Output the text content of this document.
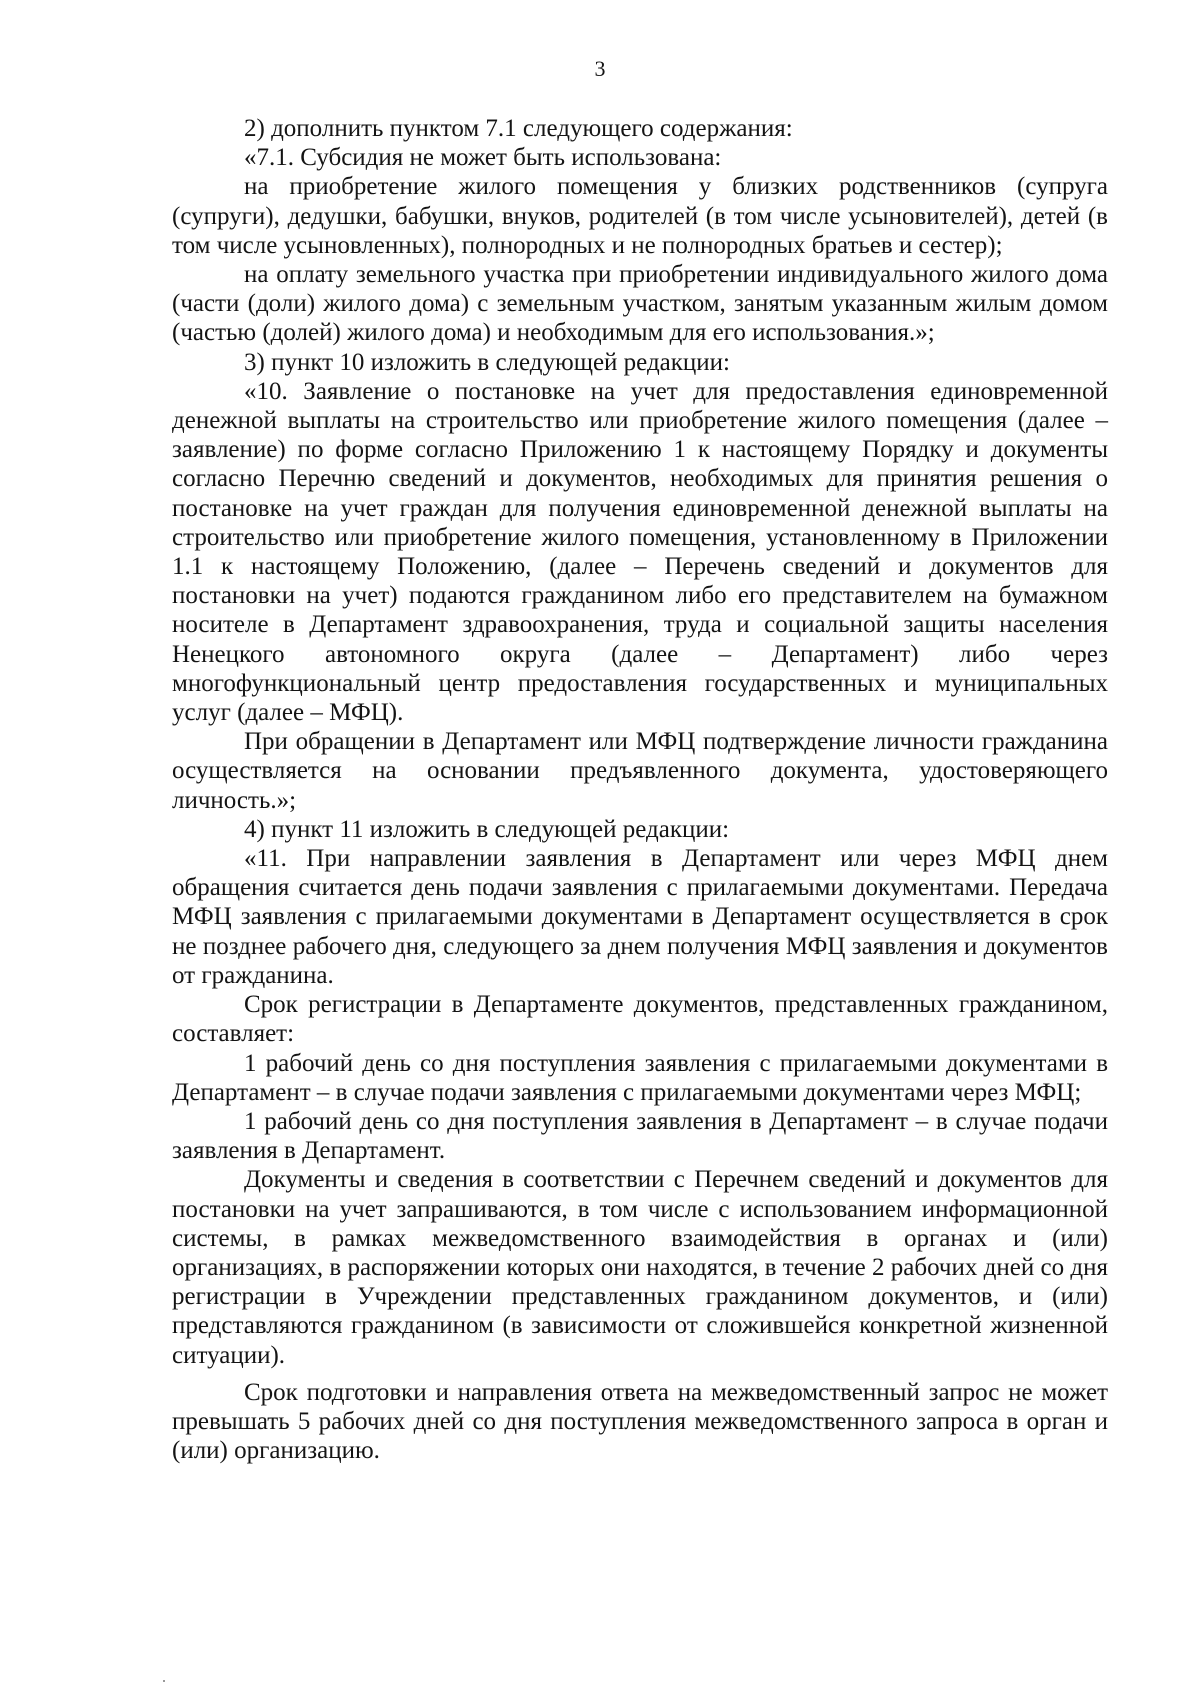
3

2) дополнить пунктом 7.1 следующего содержания:

«7.1. Субсидия не может быть использована:

на приобретение жилого помещения у близких родственников (супруга (супруги), дедушки, бабушки, внуков, родителей (в том числе усыновителей), детей (в том числе усыновленных), полнородных и не полнородных братьев и сестер);

на оплату земельного участка при приобретении индивидуального жилого дома (части (доли) жилого дома) с земельным участком, занятым указанным жилым домом (частью (долей) жилого дома) и необходимым для его использования.»;

3) пункт 10 изложить в следующей редакции:

«10. Заявление о постановке на учет для предоставления единовременной денежной выплаты на строительство или приобретение жилого помещения (далее – заявление) по форме согласно Приложению 1 к настоящему Порядку и документы согласно Перечню сведений и документов, необходимых для принятия решения о постановке на учет граждан для получения единовременной денежной выплаты на строительство или приобретение жилого помещения, установленному в Приложении 1.1 к настоящему Положению, (далее – Перечень сведений и документов для постановки на учет) подаются гражданином либо его представителем на бумажном носителе в Департамент здравоохранения, труда и социальной защиты населения Ненецкого автономного округа (далее – Департамент) либо через многофункциональный центр предоставления государственных и муниципальных услуг (далее – МФЦ).

При обращении в Департамент или МФЦ подтверждение личности гражданина осуществляется на основании предъявленного документа, удостоверяющего личность.»;

4) пункт 11 изложить в следующей редакции:

«11. При направлении заявления в Департамент или через МФЦ днем обращения считается день подачи заявления с прилагаемыми документами. Передача МФЦ заявления с прилагаемыми документами в Департамент осуществляется в срок не позднее рабочего дня, следующего за днем получения МФЦ заявления и документов от гражданина.

Срок регистрации в Департаменте документов, представленных гражданином, составляет:

1 рабочий день со дня поступления заявления с прилагаемыми документами в Департамент – в случае подачи заявления с прилагаемыми документами через МФЦ;

1 рабочий день со дня поступления заявления в Департамент – в случае подачи заявления в Департамент.

Документы и сведения в соответствии с Перечнем сведений и документов для постановки на учет запрашиваются, в том числе с использованием информационной системы, в рамках межведомственного взаимодействия в органах и (или) организациях, в распоряжении которых они находятся, в течение 2 рабочих дней со дня регистрации в Учреждении представленных гражданином документов, и (или) представляются гражданином (в зависимости от сложившейся конкретной жизненной ситуации).

Срок подготовки и направления ответа на межведомственный запрос не может превышать 5 рабочих дней со дня поступления межведомственного запроса в орган и (или) организацию.
